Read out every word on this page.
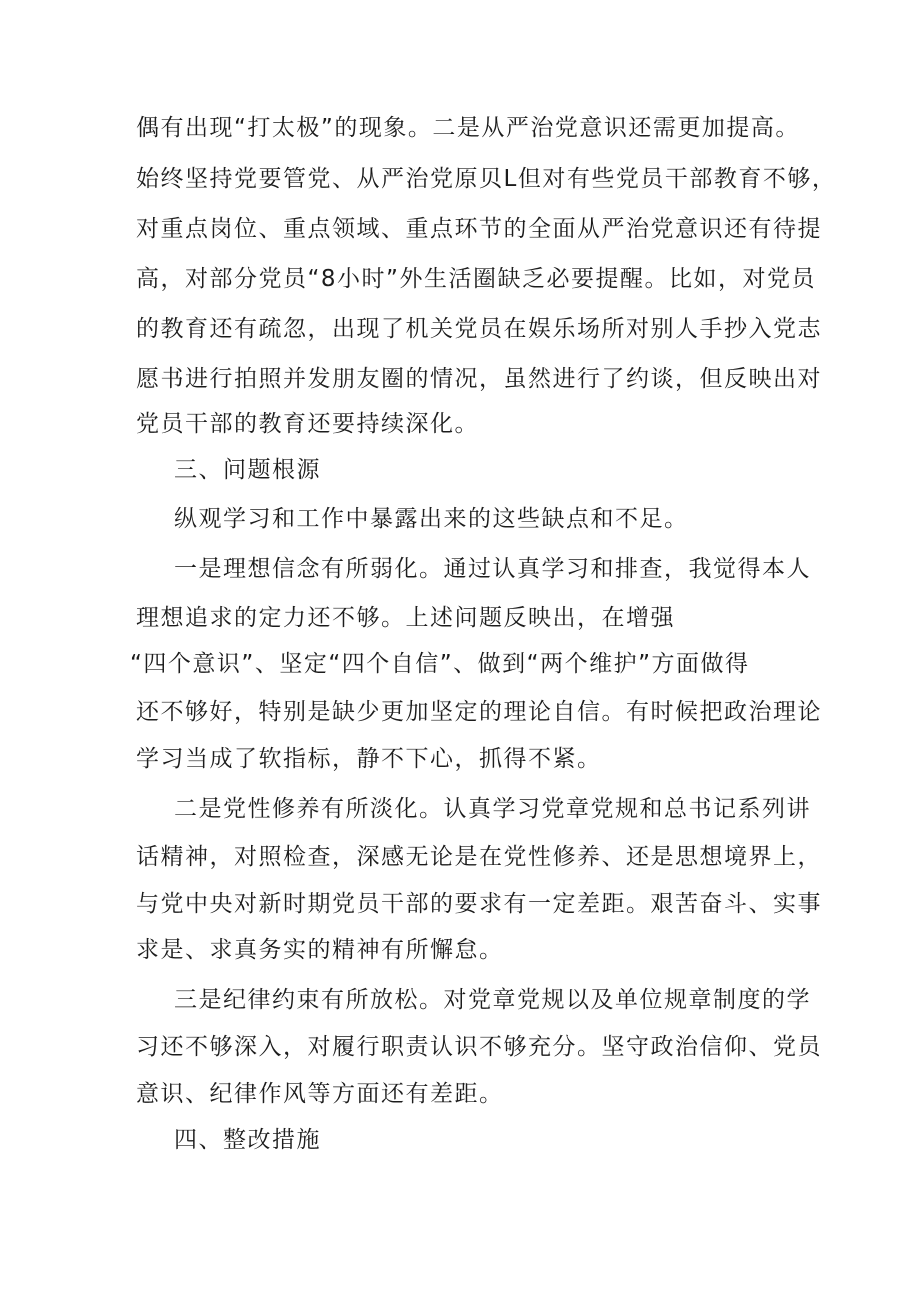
偶有出现“打太极”的现象。二是从严治党意识还需更加提高。
始终坚持党要管党、从严治党原贝L但对有些党员干部教育不够，
对重点岗位、重点领域、重点环节的全面从严治党意识还有待提
高，对部分党员“8小时”外生活圈缺乏必要提醒。比如，对党员
的教育还有疏忽，出现了机关党员在娱乐场所对别人手抄入党志
愿书进行拍照并发朋友圈的情况，虽然进行了约谈，但反映出对
党员干部的教育还要持续深化。
三、问题根源
纵观学习和工作中暴露出来的这些缺点和不足。
一是理想信念有所弱化。通过认真学习和排查，我觉得本人
理想追求的定力还不够。上述问题反映出，在增强
“四个意识”、坚定“四个自信”、做到“两个维护”方面做得
还不够好，特别是缺少更加坚定的理论自信。有时候把政治理论
学习当成了软指标，静不下心，抓得不紧。
二是党性修养有所淡化。认真学习党章党规和总书记系列讲
话精神，对照检查，深感无论是在党性修养、还是思想境界上，
与党中央对新时期党员干部的要求有一定差距。艰苦奋斗、实事
求是、求真务实的精神有所懈怠。
三是纪律约束有所放松。对党章党规以及单位规章制度的学
习还不够深入，对履行职责认识不够充分。坚守政治信仰、党员
意识、纪律作风等方面还有差距。
四、整改措施
